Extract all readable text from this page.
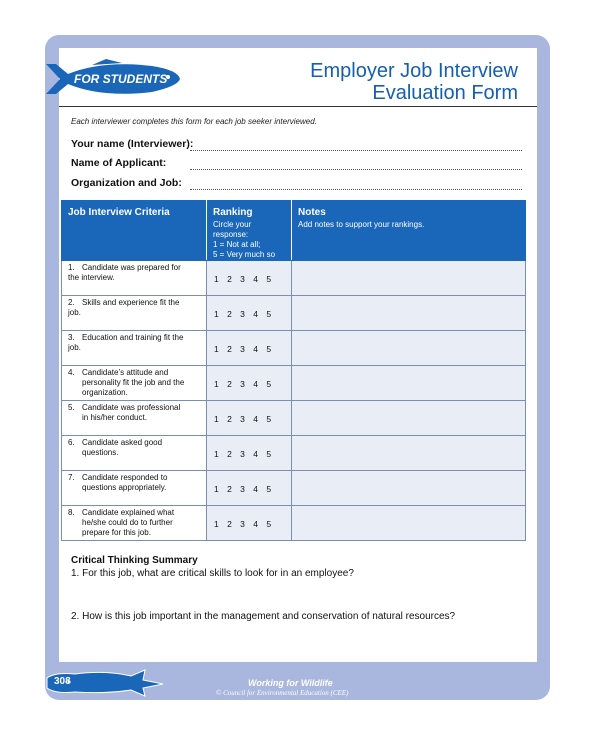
FOR STUDENTS	Employer Job Interview
Evaluation Form
Each interviewer completes this form for each job seeker interviewed.
Your name (Interviewer):
Name of Applicant:
Organization and Job:
Job Interview Criteria	Ranking
Circle your
response:
1 = Not at all;
5 = Very much so	Notes
Add notes to support your rankings.

1. Candidate was prepared for
the interview.	1 2 3 4 5	
2. Skills and experience fit the
job.	1 2 3 4 5	
3. Education and training fit the
job.	1 2 3 4 5	
4. Candidate’s attitude and
personality fit the job and the
organization.	1 2 3 4 5	
5. Candidate was professional
in his/her conduct.	1 2 3 4 5	
6. Candidate asked good
questions.	1 2 3 4 5	
7. Candidate responded to
questions appropriately.	1 2 3 4 5	
8. Candidate explained what
he/she could do to further
prepare for this job.	1 2 3 4 5	
Critical Thinking Summary
1. For this job, what are critical skills to look for in an employee?
2. How is this job important in the management and conservation of natural resources?
308	Working for Wildlife
© Council for Environmental Education (CEE)
